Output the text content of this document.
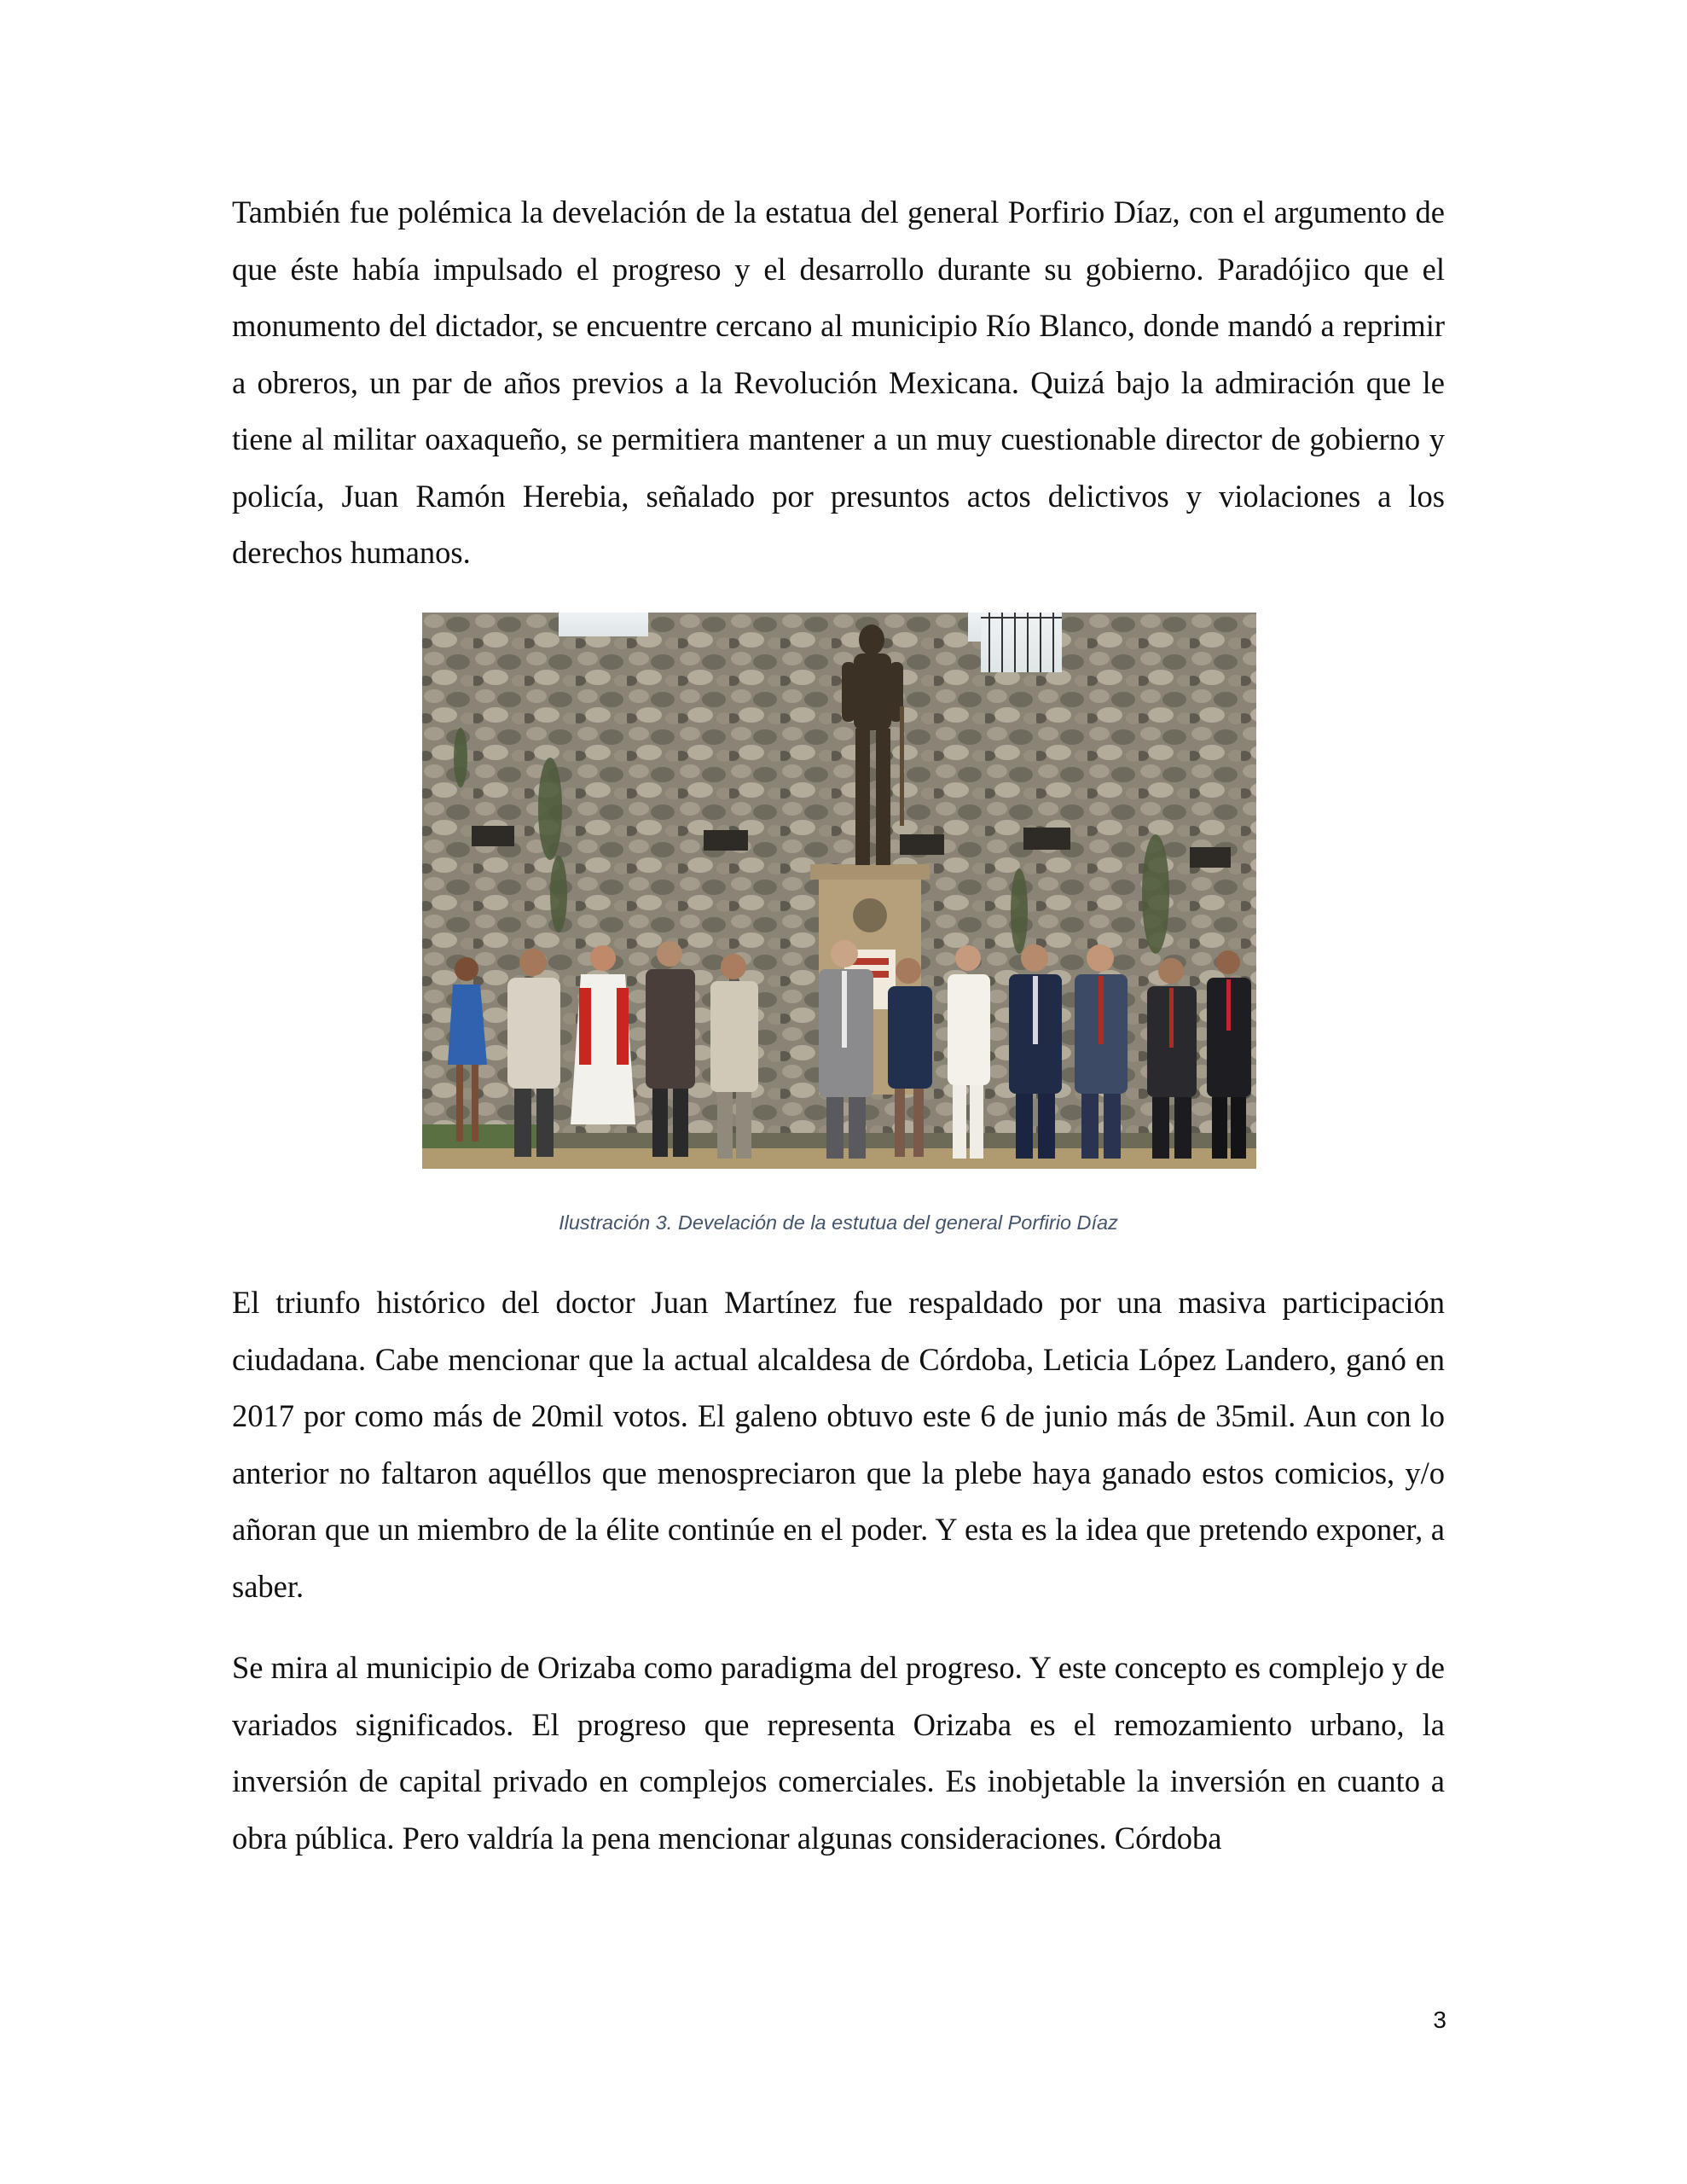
También fue polémica la develación de la estatua del general Porfirio Díaz, con el argumento de que éste había impulsado el progreso y el desarrollo durante su gobierno. Paradójico que el monumento del dictador, se encuentre cercano al municipio Río Blanco, donde mandó a reprimir a obreros, un par de años previos a la Revolución Mexicana. Quizá bajo la admiración que le tiene al militar oaxaqueño, se permitiera mantener a un muy cuestionable director de gobierno y policía, Juan Ramón Herebia, señalado por presuntos actos delictivos y violaciones a los derechos humanos.

Ilustración 3. Develación de la estutua del general Porfirio Díaz

El triunfo histórico del doctor Juan Martínez fue respaldado por una masiva participación ciudadana. Cabe mencionar que la actual alcaldesa de Córdoba, Leticia López Landero, ganó en 2017 por como más de 20mil votos. El galeno obtuvo este 6 de junio más de 35mil. Aun con lo anterior no faltaron aquéllos que menospreciaron que la plebe haya ganado estos comicios, y/o añoran que un miembro de la élite continúe en el poder. Y esta es la idea que pretendo exponer, a saber.

Se mira al municipio de Orizaba como paradigma del progreso. Y este concepto es complejo y de variados significados. El progreso que representa Orizaba es el remozamiento urbano, la inversión de capital privado en complejos comerciales. Es inobjetable la inversión en cuanto a obra pública. Pero valdría la pena mencionar algunas consideraciones. Córdoba

3
